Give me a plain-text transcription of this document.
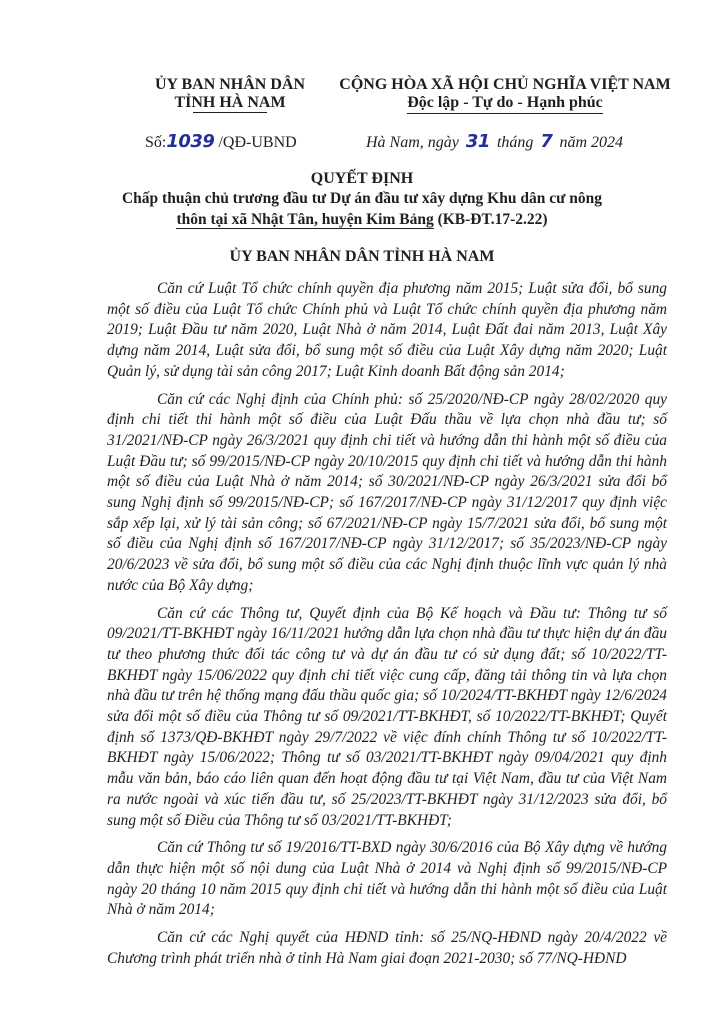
ỦY BAN NHÂN DÂN
TỈNH HÀ NAM
CỘNG HÒA XÃ HỘI CHỦ NGHĨA VIỆT NAM
Độc lập - Tự do - Hạnh phúc
Số:1039 /QĐ-UBND	Hà Nam, ngày 31 tháng 7 năm 2024
QUYẾT ĐỊNH
Chấp thuận chủ trương đầu tư Dự án đầu tư xây dựng Khu dân cư nông
thôn tại xã Nhật Tân, huyện Kim Bảng (KB-ĐT.17-2.22)
ỦY BAN NHÂN DÂN TỈNH HÀ NAM

Căn cứ Luật Tổ chức chính quyền địa phương năm 2015; Luật sửa đổi, bổ sung một số điều của Luật Tổ chức Chính phủ và Luật Tổ chức chính quyền địa phương năm 2019; Luật Đầu tư năm 2020, Luật Nhà ở năm 2014, Luật Đất đai năm 2013, Luật Xây dựng năm 2014, Luật sửa đổi, bổ sung một số điều của Luật Xây dựng năm 2020; Luật Quản lý, sử dụng tài sản công 2017; Luật Kinh doanh Bất động sản 2014;

Căn cứ các Nghị định của Chính phủ: số 25/2020/NĐ-CP ngày 28/02/2020 quy định chi tiết thi hành một số điều của Luật Đấu thầu về lựa chọn nhà đầu tư; số 31/2021/NĐ-CP ngày 26/3/2021 quy định chi tiết và hướng dẫn thi hành một số điều của Luật Đầu tư; số 99/2015/NĐ-CP ngày 20/10/2015 quy định chi tiết và hướng dẫn thi hành một số điều của Luật Nhà ở năm 2014; số 30/2021/NĐ-CP ngày 26/3/2021 sửa đổi bổ sung Nghị định số 99/2015/NĐ-CP; số 167/2017/NĐ-CP ngày 31/12/2017 quy định việc sắp xếp lại, xử lý tài sản công; số 67/2021/NĐ-CP ngày 15/7/2021 sửa đổi, bổ sung một số điều của Nghị định số 167/2017/NĐ-CP ngày 31/12/2017; số 35/2023/NĐ-CP ngày 20/6/2023 về sửa đổi, bổ sung một số điều của các Nghị định thuộc lĩnh vực quản lý nhà nước của Bộ Xây dựng;

Căn cứ các Thông tư, Quyết định của Bộ Kế hoạch và Đầu tư: Thông tư số 09/2021/TT-BKHĐT ngày 16/11/2021 hướng dẫn lựa chọn nhà đầu tư thực hiện dự án đầu tư theo phương thức đối tác công tư và dự án đầu tư có sử dụng đất; số 10/2022/TT-BKHĐT ngày 15/06/2022 quy định chi tiết việc cung cấp, đăng tải thông tin và lựa chọn nhà đầu tư trên hệ thống mạng đấu thầu quốc gia; số 10/2024/TT-BKHĐT ngày 12/6/2024 sửa đổi một số điều của Thông tư số 09/2021/TT-BKHĐT, số 10/2022/TT-BKHĐT; Quyết định số 1373/QĐ-BKHĐT ngày 29/7/2022 về việc đính chính Thông tư số 10/2022/TT-BKHĐT ngày 15/06/2022; Thông tư số 03/2021/TT-BKHĐT ngày 09/04/2021 quy định mẫu văn bản, báo cáo liên quan đến hoạt động đầu tư tại Việt Nam, đầu tư của Việt Nam ra nước ngoài và xúc tiến đầu tư, số 25/2023/TT-BKHĐT ngày 31/12/2023 sửa đổi, bổ sung một số Điều của Thông tư số 03/2021/TT-BKHĐT;

Căn cứ Thông tư số 19/2016/TT-BXD ngày 30/6/2016 của Bộ Xây dựng về hướng dẫn thực hiện một số nội dung của Luật Nhà ở 2014 và Nghị định số 99/2015/NĐ-CP ngày 20 tháng 10 năm 2015 quy định chi tiết và hướng dẫn thi hành một số điều của Luật Nhà ở năm 2014;

Căn cứ các Nghị quyết của HĐND tỉnh: số 25/NQ-HĐND ngày 20/4/2022 về Chương trình phát triển nhà ở tỉnh Hà Nam giai đoạn 2021-2030; số 77/NQ-HĐND
